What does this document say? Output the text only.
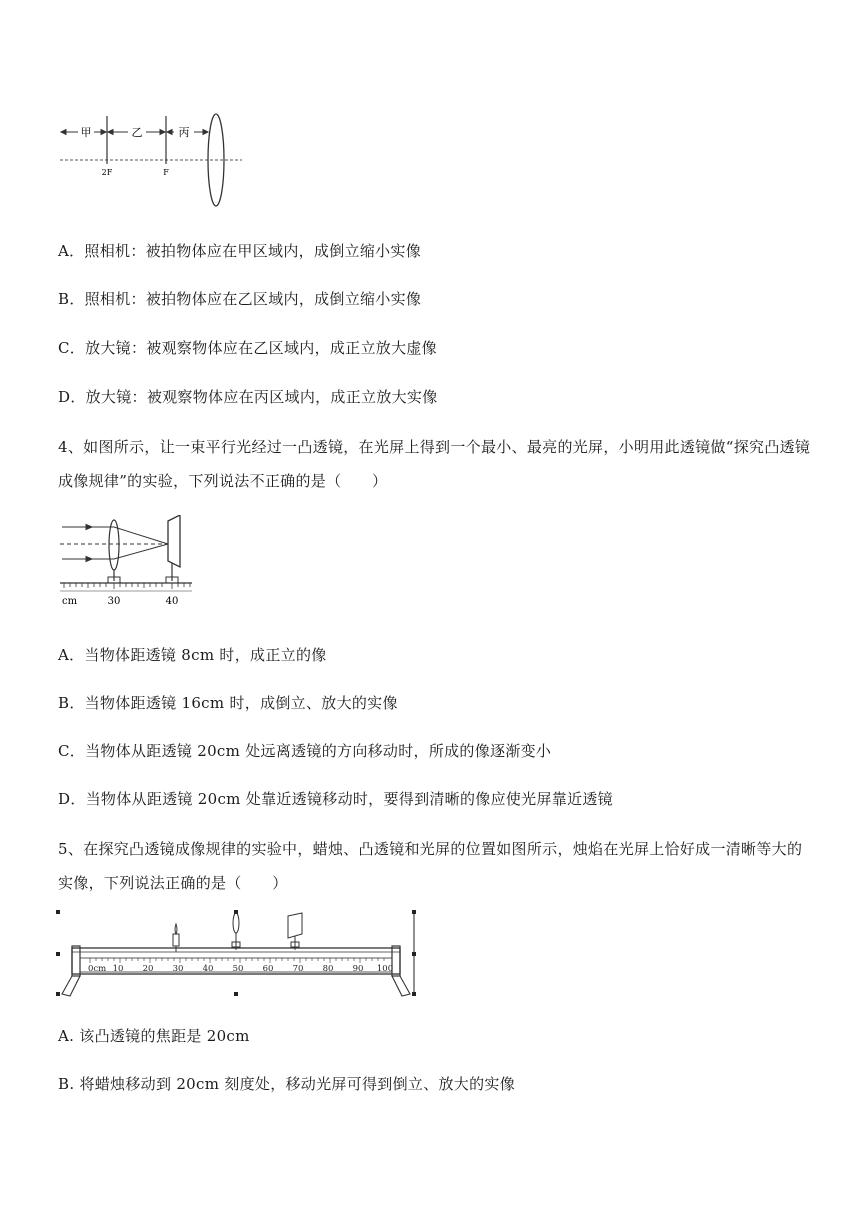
甲	乙	丙
2F	F
A．照相机：被拍物体应在甲区域内，成倒立缩小实像
B．照相机：被拍物体应在乙区域内，成倒立缩小实像
C．放大镜：被观察物体应在乙区域内，成正立放大虚像
D．放大镜：被观察物体应在丙区域内，成正立放大实像
4、如图所示，让一束平行光经过一凸透镜，在光屏上得到一个最小、最亮的光屏，小明用此透镜做“探究凸透镜成像规律”的实验，下列说法不正确的是（　　）
cm	30	40
A．当物体距透镜 8cm 时，成正立的像
B．当物体距透镜 16cm 时，成倒立、放大的实像
C．当物体从距透镜 20cm 处远离透镜的方向移动时，所成的像逐渐变小
D．当物体从距透镜 20cm 处靠近透镜移动时，要得到清晰的像应使光屏靠近透镜
5、在探究凸透镜成像规律的实验中，蜡烛、凸透镜和光屏的位置如图所示，烛焰在光屏上恰好成一清晰等大的实像，下列说法正确的是（　　）
0cm 10 20 30 40 50 60 70 80 90 100
A. 该凸透镜的焦距是 20cm
B. 将蜡烛移动到 20cm 刻度处，移动光屏可得到倒立、放大的实像
